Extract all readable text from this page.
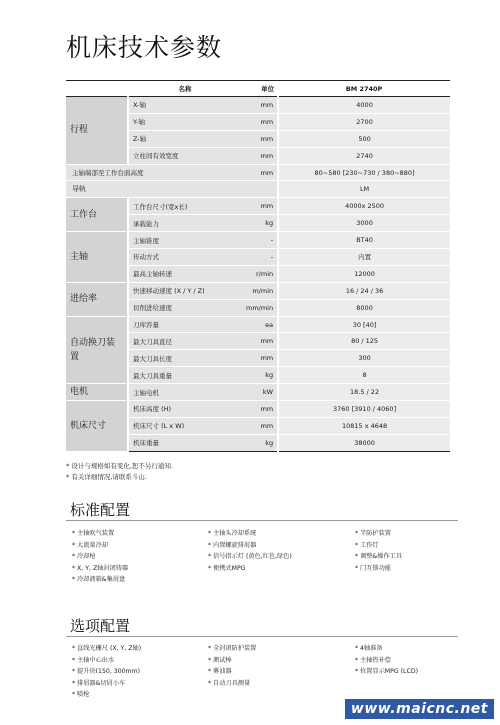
机床技术参数
	名称	单位	BM 2740P

行程	X-轴	mm	4000
	Y-轴	mm	2700
	Z-轴	mm	500
	立柱间有效宽度	mm	2740
主轴端部至工作台面高度		mm	80~580 [230~730 / 380~880]
导轨			LM

工作台	工作台尺寸(宽x长)	mm	4000x 2500
	承载能力	kg	3000

主轴	主轴锥度	-	BT40
	传动方式	-	内置
	最高主轴转速	r/min	12000

进给率	快速移动速度 (X / Y / Z)	m/min	16 / 24 / 36
	切削进给速度	mm/min	8000

自动换刀装置	刀库容量	ea	30 [40]
	最大刀具直径	mm	80 / 125
	最大刀具长度	mm	300
	最大刀具重量	kg	8

电机	主轴电机	kW	18.5 / 22

机床尺寸	机床高度 (H)	mm	3760 [3910 / 4060]
	机床尺寸 (L x W)	mm	10815 x 4648
	机床重量	kg	38000
* 设计与规格如有变化,恕不另行通知.
* 有关详细情况,请联系斗山.
标准配置
* 主轴吹气装置
* 大流量冷却
* 冷却枪
* X, Y, Z轴封闭铸器
* 冷却液箱&集屑盘
* 主轴头冷却系统
* 内置螺旋排屑器
* 信号指示灯 (黄色,红色,绿色)
* 便携式MPG
* 半防护装置
* 工作灯
* 调整&操作工具
* 门互锁功能
选项配置
* 直线光栅尺 (X, Y, Z轴)
* 主轴中心出水
* 提升块(150, 300mm)
* 排屑器&切屑小车
* 喷枪
* 全封闭防护装置
* 测试棒
* 雾油器
* 自动刀具测量
* 4轴准备
* 主轴热补偿
* 位置显示MPG (LCD)
www.maicnc.net
